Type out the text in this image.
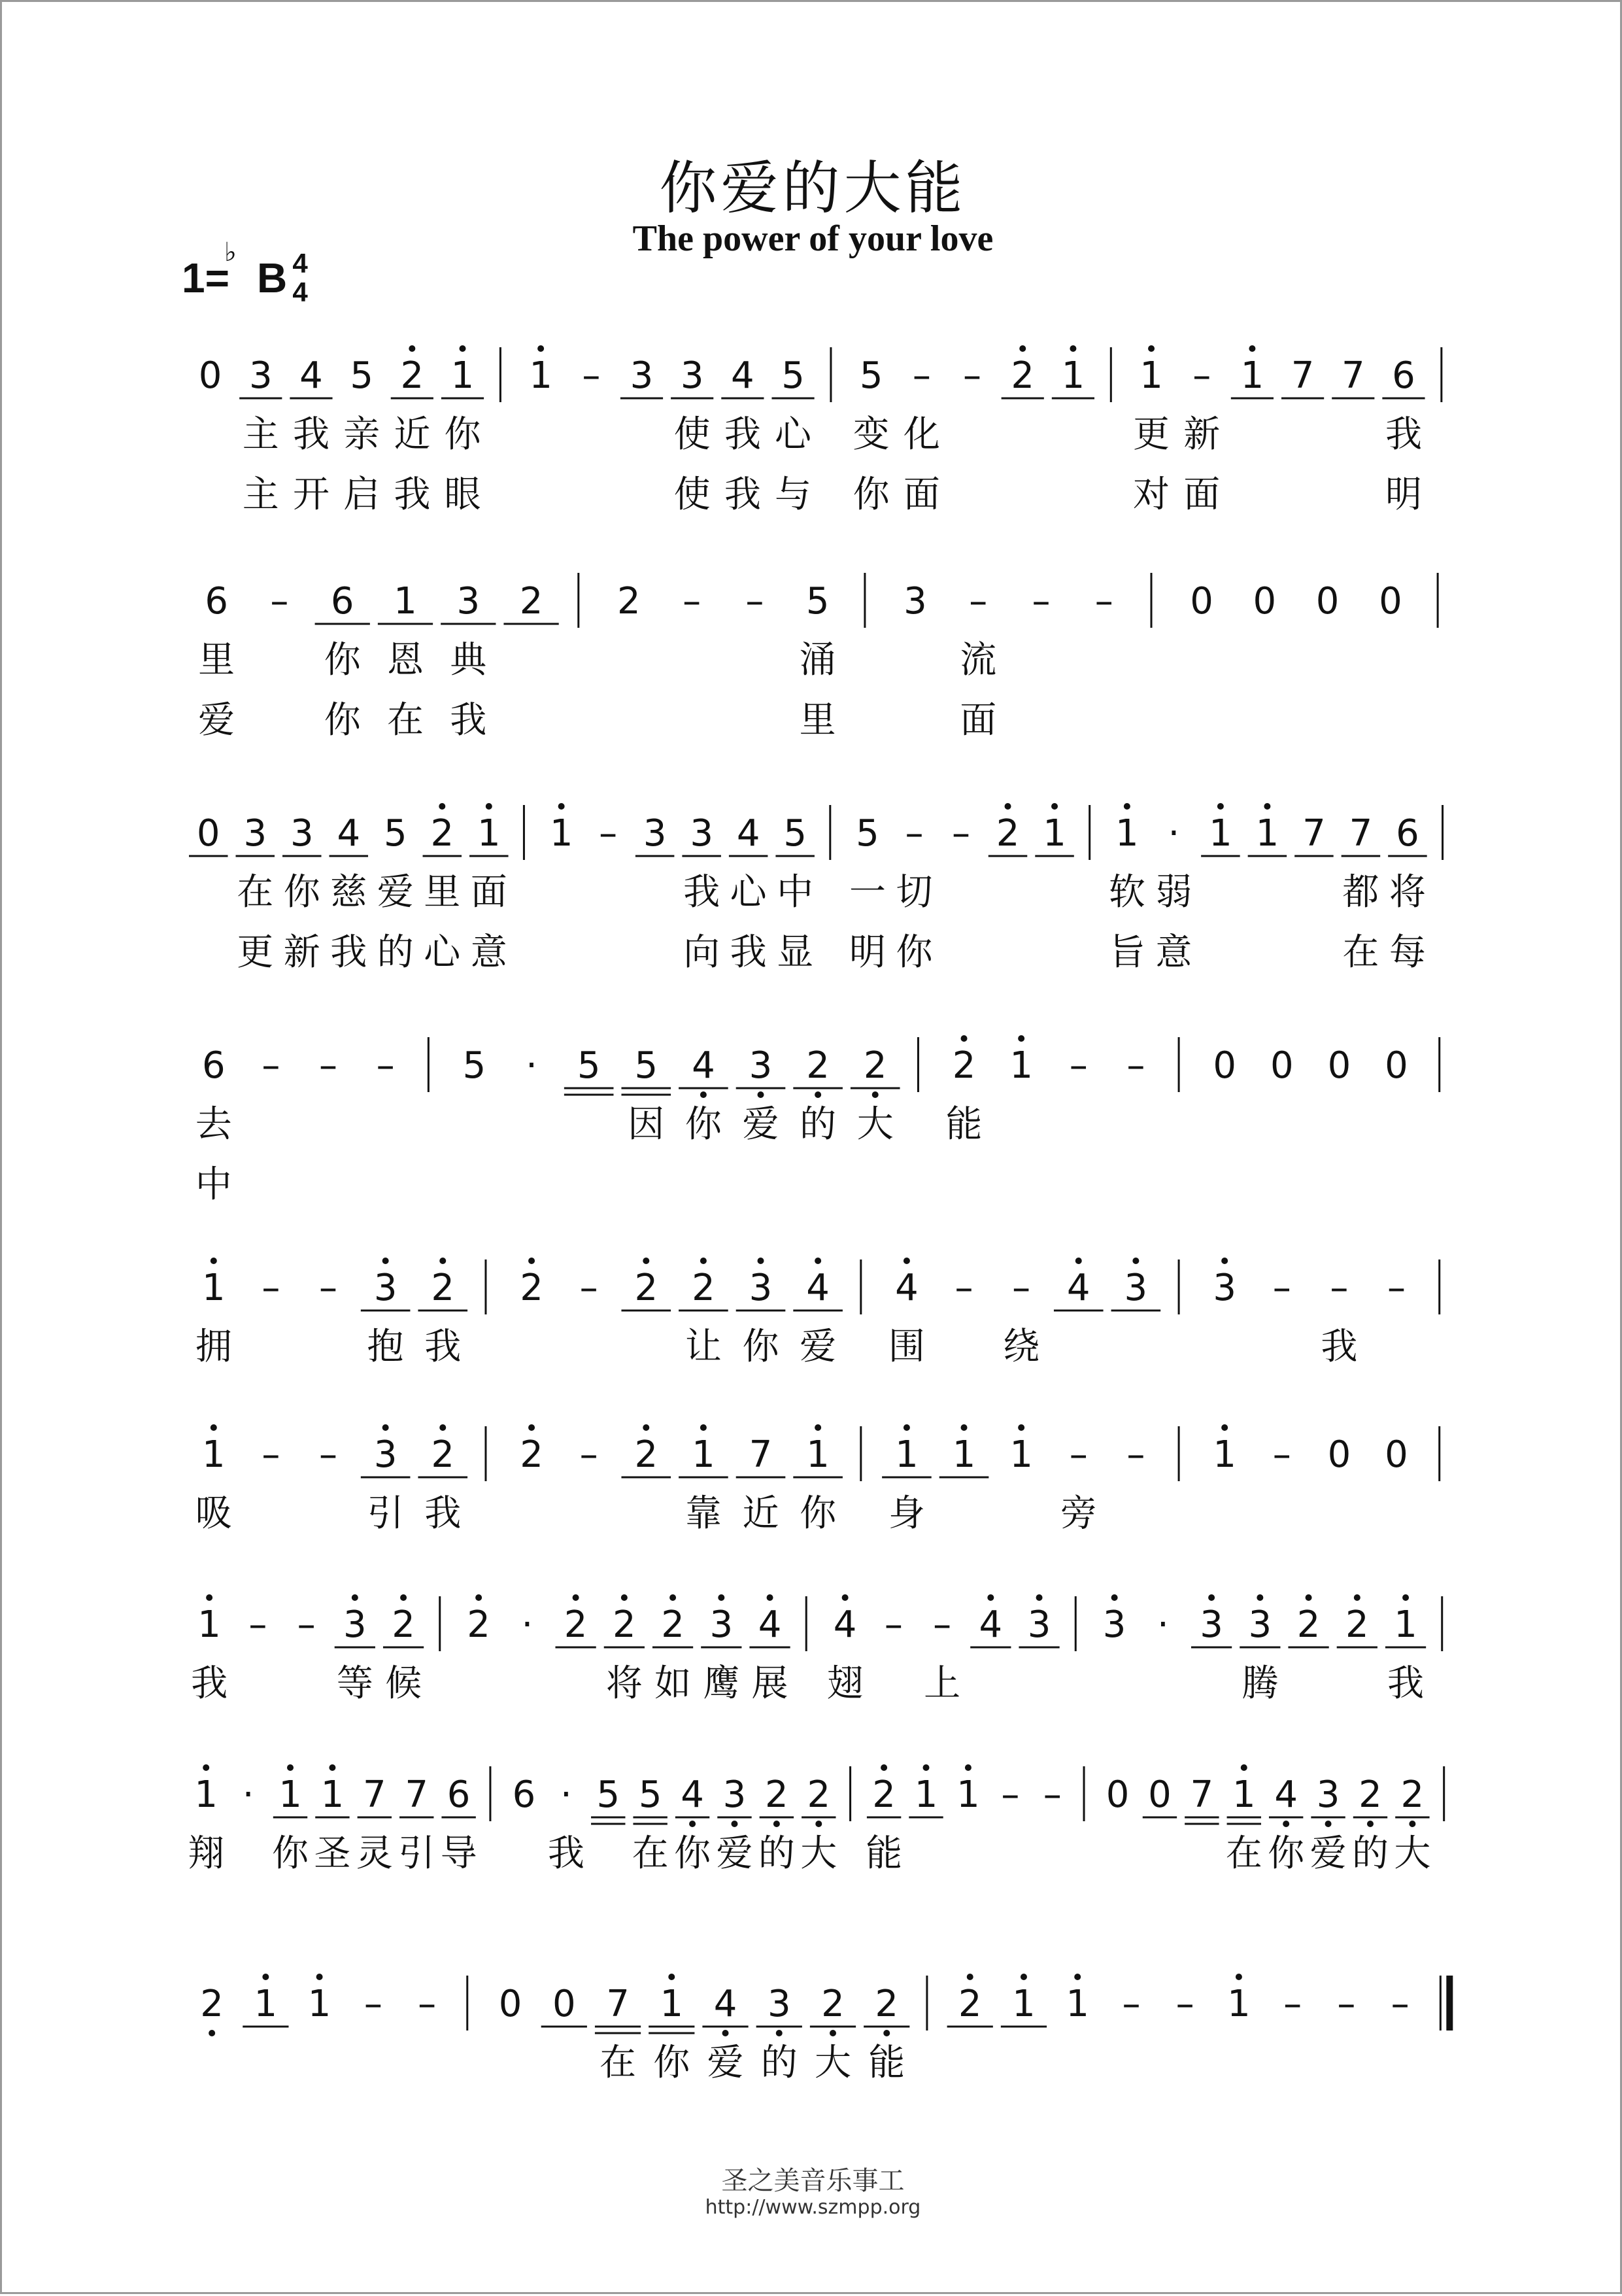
你爱的大能
The power of your love
1= B
♭ 4
4
0 3 4 5 2 1 1 – 3 3 4 5 5 – – 2 1 1 – 1 7 7 6
主 我 亲 近 你	使 我 心 变 化	更 新	我
主 开 启 我 眼	使 我 与 你 面	对 面	明
6 – 6 1 3 2 2 – – 5 3 – – – 0 0 0 0
里 你 恩 典	涌	流
爱 你 在 我	里	面
0 3 3 4 5 2 1 1 – 3 3 4 5 5 – – 2 1 1 · 1 1 7 7 6
在 你 慈 爱 里 面	我 心 中 一 切	软 弱	都 将
更 新 我 的 心 意	向 我 显 明 你	旨 意	在 每
6 – – – 5 · 5 5 4 3 2 2 2 1 – – 0 0 0 0
去	因 你 爱 的 大 能
中
1 – – 3 2 2 – 2 2 3 4 4 – – 4 3 3 – – –
拥	抱 我	让 你 爱 围 绕	我
1 – – 3 2 2 – 2 1 7 1 1 1 1 – – 1 – 0 0
吸	引 我	靠 近 你 身	旁
1 – – 3 2 2 · 2 2 2 3 4 4 – – 4 3 3 · 3 3 2 2 1
我	等 候	将 如 鹰 展 翅 上	腾	我
1 · 1 1 7 7 6 6 · 5 5 4 3 2 2 2 1 1 – – 0 0 7 1 4 3 2 2
翔 你 圣 灵 引 导 我 在 你 爱 的 大 能	在 你 爱 的 大
2 1 1 – – 0 0 7 1 4 3 2 2 2 1 1 – – 1 – – –
在 你 爱 的 大 能
圣之美音乐事工
http://www.szmpp.org
